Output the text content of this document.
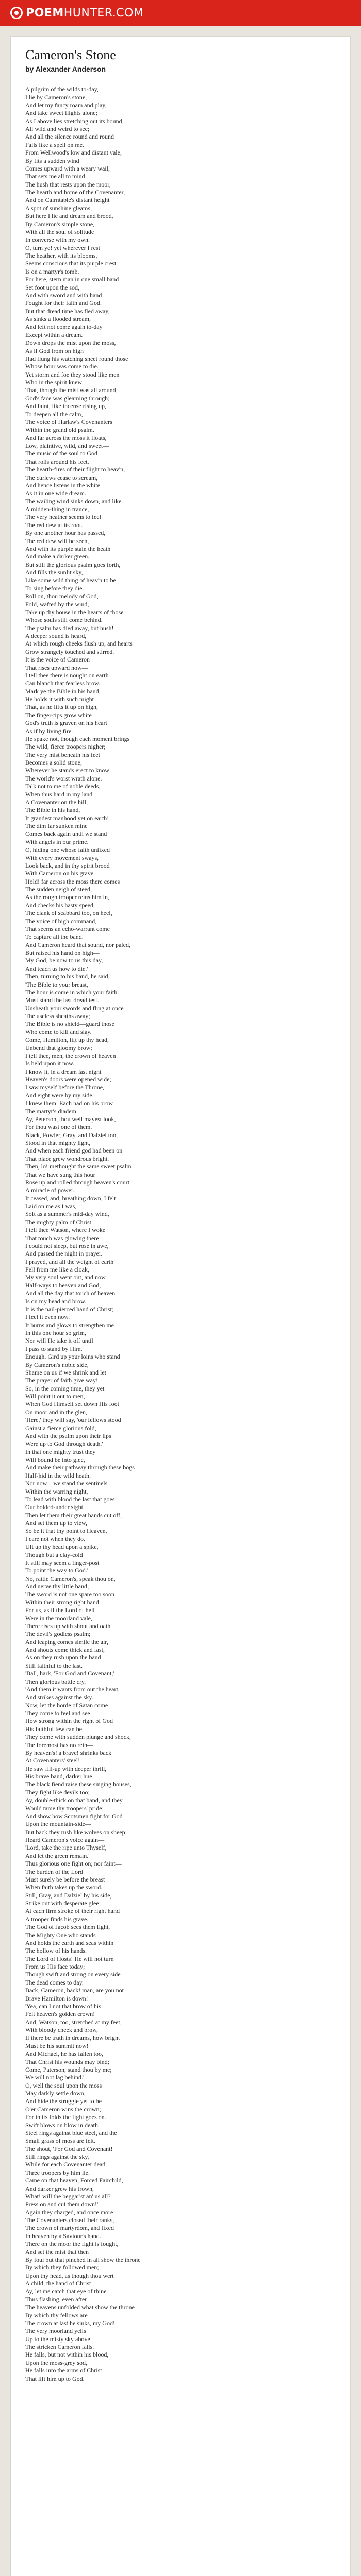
POEMHUNTER.COM
Cameron's Stone
by Alexander Anderson
A pilgrim of the wilds to-day,
I lie by Cameron's stone,
And let my fancy roam and play,
And take sweet flights alone;
As I above lies stretching out its bound,
All wild and weird to see;
And all the silence round and round
Falls like a spell on me.
From Wellwood's low and distant vale,
By fits a sudden wind
Comes upward with a weary wail,
That sets me all to mind
The hush that rests upon the moor,
The hearth and home of the Covenanter,
And on Cairntable's distant height
A spot of sunshine gleams,
But here I lie and dream and brood,
By Cameron's simple stone,
With all the soul of solitude
In converse with my own.
O, turn ye! yet wherever I rest
The heather, with its blooms,
Seems conscious that its purple crest
Is on a martyr's tomb.
For here, stern man in one small band
Set foot upon the sod,
And with sword and with hand
Fought for their faith and God.
But that dread time has fled away,
As sinks a flooded stream,
And left not come again to-day
Except within a dream.
Down drops the mist upon the moss,
As if God from on high
Had flung his watching sheet round those
Whose hour was come to die.
Yet storm and foe they stood like men
Who in the spirit knew
That, though the mist was all around,
God's face was gleaming through;
And faint, like incense rising up,
To deepen all the calm,
The voice of Harlaw's Covenanters
Within the grand old psalm.
And far across the moss it floats,
Low, plaintive, wild, and sweet—
The music of the soul to God
That rolls around his feet.
The hearth-fires of their flight to heav'n,
The curlews cease to scream,
And hence listens in the white
As it in one wide dream.
The wailing wind sinks down, and like
A midden-thing in trance,
The very heather seems to feel
The red dew at its root.
By one another hour has passed,
The red dew will be seen,
And with its purple stain the heath
And make a darker green.
But still the glorious psalm goes forth,
And fills the sunlit sky,
Like some wild thing of heav'n to be
To sing before they die.
Roll on, thou melody of God,
Fold, wafted by the wind,
Take up thy house in the hearts of those
Whose souls still come behind.
The psalm has died away, but hush!
A deeper sound is heard,
At which rough cheeks flush up, and hearts
Grow strangely touched and stirred.
It is the voice of Cameron
That rises upward now—
I tell thee there is nought on earth
Can blanch that fearless brow.
Mark ye the Bible in his hand,
He holds it with such might
That, as he lifts it up on high,
The finger-tips grow white—
God's truth is graven on his heart
As if by living fire.
He spake not, though each moment brings
The wild, fierce troopers nigher;
The very mist beneath his feet
Becomes a solid stone,
Wherever he stands erect to know
The world's worst wrath alone.
Talk not to me of noble deeds,
When thus hard in my land
A Covenanter on the hill,
The Bible in his hand,
It grandest manhood yet on earth!
The dim far sunken mine
Comes back again until we stand
With angels in our prime.
O, hiding one whose faith unfixed
With every movement sways,
Look back, and in thy spirit brood
With Cameron on his grave.
Hold! far across the moss there comes
The sudden neigh of steed,
As the rough trooper reins him in,
And checks his hasty speed.
The clank of scabbard too, on heel,
The voice of high command,
That seems an echo-warrant come
To capture all the band.
And Cameron heard that sound, nor paled,
But raised his hand on high—
My God, be now to us this day,
And teach us how to die.'
Then, turning to his band, he said,
'The Bible to your breast,
The hour is come in which your faith
Must stand the last dread test.
Unsheath your swords and fling at once
The useless sheaths away;
The Bible is no shield—guard those
Who come to kill and slay.
Come, Hamilton, lift up thy head,
Unbend that gloomy brow;
I tell thee, men, the crown of heaven
Is held upon it now.
I know it, in a dream last night
Heaven's doors were opened wide;
I saw myself before the Throne,
And eight were by my side.
I knew them. Each had on his brow
The martyr's diadem—
Ay, Peterson, thou well mayest look,
For thou wast one of them.
Black, Fowler, Gray, and Dalziel too,
Stood in that mighty light,
And when each friend god had been on
That place grew wondrous bright.
Then, lo! methought the same sweet psalm
That we have sung this hour
Rose up and rolled through heaven's court
A miracle of power.
It ceased, and, breathing down, I felt
Laid on me as I was,
Soft as a summer's mid-day wind,
The mighty palm of Christ.
I tell thee Watson, where I woke
That touch was glowing there;
I could not sleep, but rose in awe,
And passed the night in prayer.
I prayed, and all the weight of earth
Fell from me like a cloak,
My very soul went out, and now
Half-ways to heaven and God,
And all the day that touch of heaven
Is on my head and brow.
It is the nail-pierced hand of Christ;
I feel it even now.
It burns and glows to strengthen me
In this one hour so grim,
Nor will He take it off until
I pass to stand by Him.
Enough. Gird up your loins who stand
By Cameron's noble side,
Shame on us if we shrink and let
The prayer of faith give way!
So, in the coming time, they yet
Will point it out to men,
When God Himself set down His foot
On moor and in the glen,
'Here,' they will say, 'our fellows stood
Gainst a fierce glorious fold,
And with the psalm upon their lips
Were up to God through death.'
In that one mighty trust they
Will bound be into glee,
And make their pathway through these bogs
Half-hid in the wild heath.
Nor now—we stand the sentinels
Within the warring night,
To lead with blood the last that goes
Our bolded-under sight.
Then let them their great hands cut off,
And set them up to view,
So be it that thy point to Heaven,
I care not when they do.
Uft up thy head upon a spike,
Though but a clay-cold
It still may seem a finger-post
To point the way to God.'
No, rattle Cameron's, speak thou on,
And nerve thy little band;
The sword is not one spare too soon
Within their strong right hand.
For us, as if the Lord of hell
Were in the moorland vale,
There rises up with shout and oath
The devil's godless psalm;
And leaping comes simile the air,
And shouts come thick and fast,
As on they rush upon the band
Still faithful to the last.
'Ball, hark, 'For God and Covenant,'—
Then glorious battle cry,
'And them it wants from out the heart,
And strikes against the sky.
Now, let the horde of Satan come—
They come to feel and see
How strong within the right of God
His faithful few can be.
They come with sudden plunge and shock,
The foremost has no rein—
By heaven's! a brave! shrinks back
At Covenanters' steel!
He saw fill-up with deeper thrill,
His brave band, darker hue—
The black fiend raise these singing houses,
They fight like devils too;
Ay, double-thick on that band, and they
Would tame thy troopers' pride;
And show how Scotsmen fight for God
Upon the mountain-side—
But back they rush like wolves on sheep;
Heard Cameron's voice again—
'Lord, take the ripe unto Thyself,
And let the green remain.'
Thus glorious one fight on; nor faint—
The burden of the Lord
Must surely be before the breast
When faith takes up the sword.
Still, Gray, and Dalziel by his side,
Strike out with desperate glee;
At each firm stroke of their right hand
A trooper finds his grave.
The God of Jacob sees them fight,
The Mighty One who stands
And holds the earth and seas within
The hollow of his hands.
The Lord of Hosts! He will not turn
From us His face today;
Though swift and strong on every side
The dead comes to day.
Back, Cameron, back! man, are you not
Brave Hamilton is down!
'Yea, can I not that brow of his
Felt heaven's golden crown!
And, Watson, too, stretched at my feet,
With bloody cheek and brow,
If there be truth in dreams, how bright
Must be his summit now!
And Michael, he has fallen too,
That Christ his wounds may bind;
Come, Paterson, stand thou by me;
We will not lag behind.'
O, well the soul upon the moss
May darkly settle down,
And hide the struggle yet to be
O'er Cameron wins the crown;
For in its folds the fight goes on.
Swift blows on blow in death—
Steel rings against blue steel, and the
Small grass of moss are felt.
The shout, 'For God and Covenant!'
Still rings against the sky,
While for each Covenanter dead
Three troopers by him lie.
Came on that heaven, Forced Fairchild,
And darker grew his frown,
What! will the beggar'st an' us all?
Press on and cut them down!'
Again they charged, and once more
The Covenanters closed their ranks,
The crown of martyrdom, and fixed
In heaven by a Saviour's hand.
There on the moor the fight is fought,
And set the mist that then
By foul but that pinched in all show the throne
By which they followed men;
Upon thy head, as though thou wert
A child, the hand of Christ—
Ay, let me catch that eye of thine
Thus flashing, even after
The heavens unfolded what show the throne
By which thy fellows are
The crown at last he sinks, my God!
The very moorland yells
Up to the misty sky above
The stricken Cameron falls.
He falls, but not within his blood,
Upon the moss-grey sod,
He falls into the arms of Christ
That lift him up to God.
